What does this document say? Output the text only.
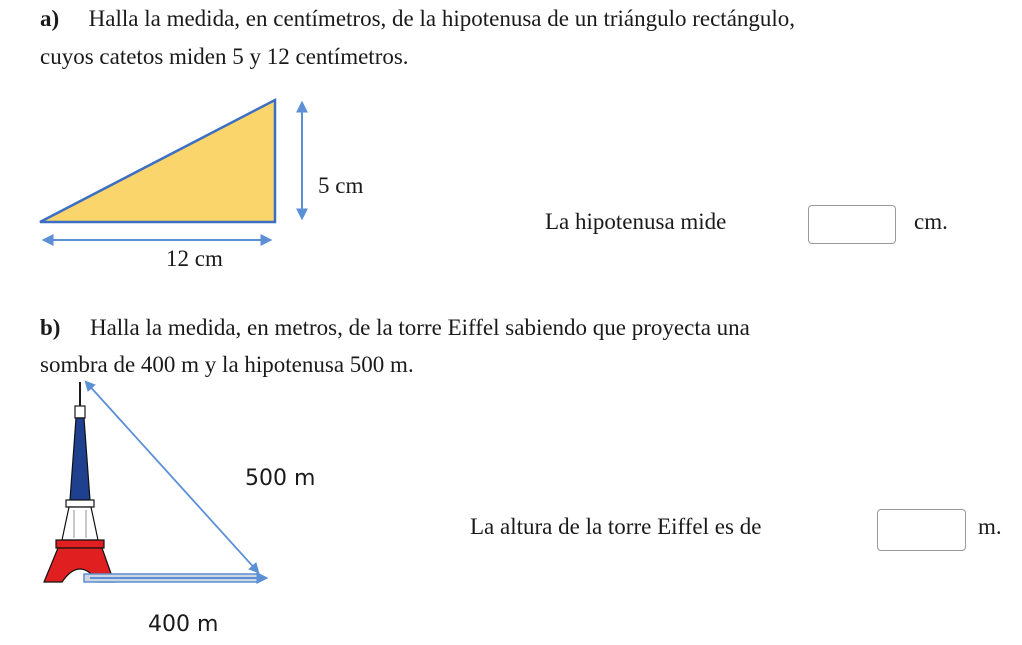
a) Halla la medida, en centímetros, de la hipotenusa de un triángulo rectángulo,
cuyos catetos miden 5 y 12 centímetros.
5 cm
12 cm
La hipotenusa mide	cm.
b) Halla la medida, en metros, de la torre Eiffel sabiendo que proyecta una
sombra de 400 m y la hipotenusa 500 m.
500 m
400 m
La altura de la torre Eiffel es de	m.
